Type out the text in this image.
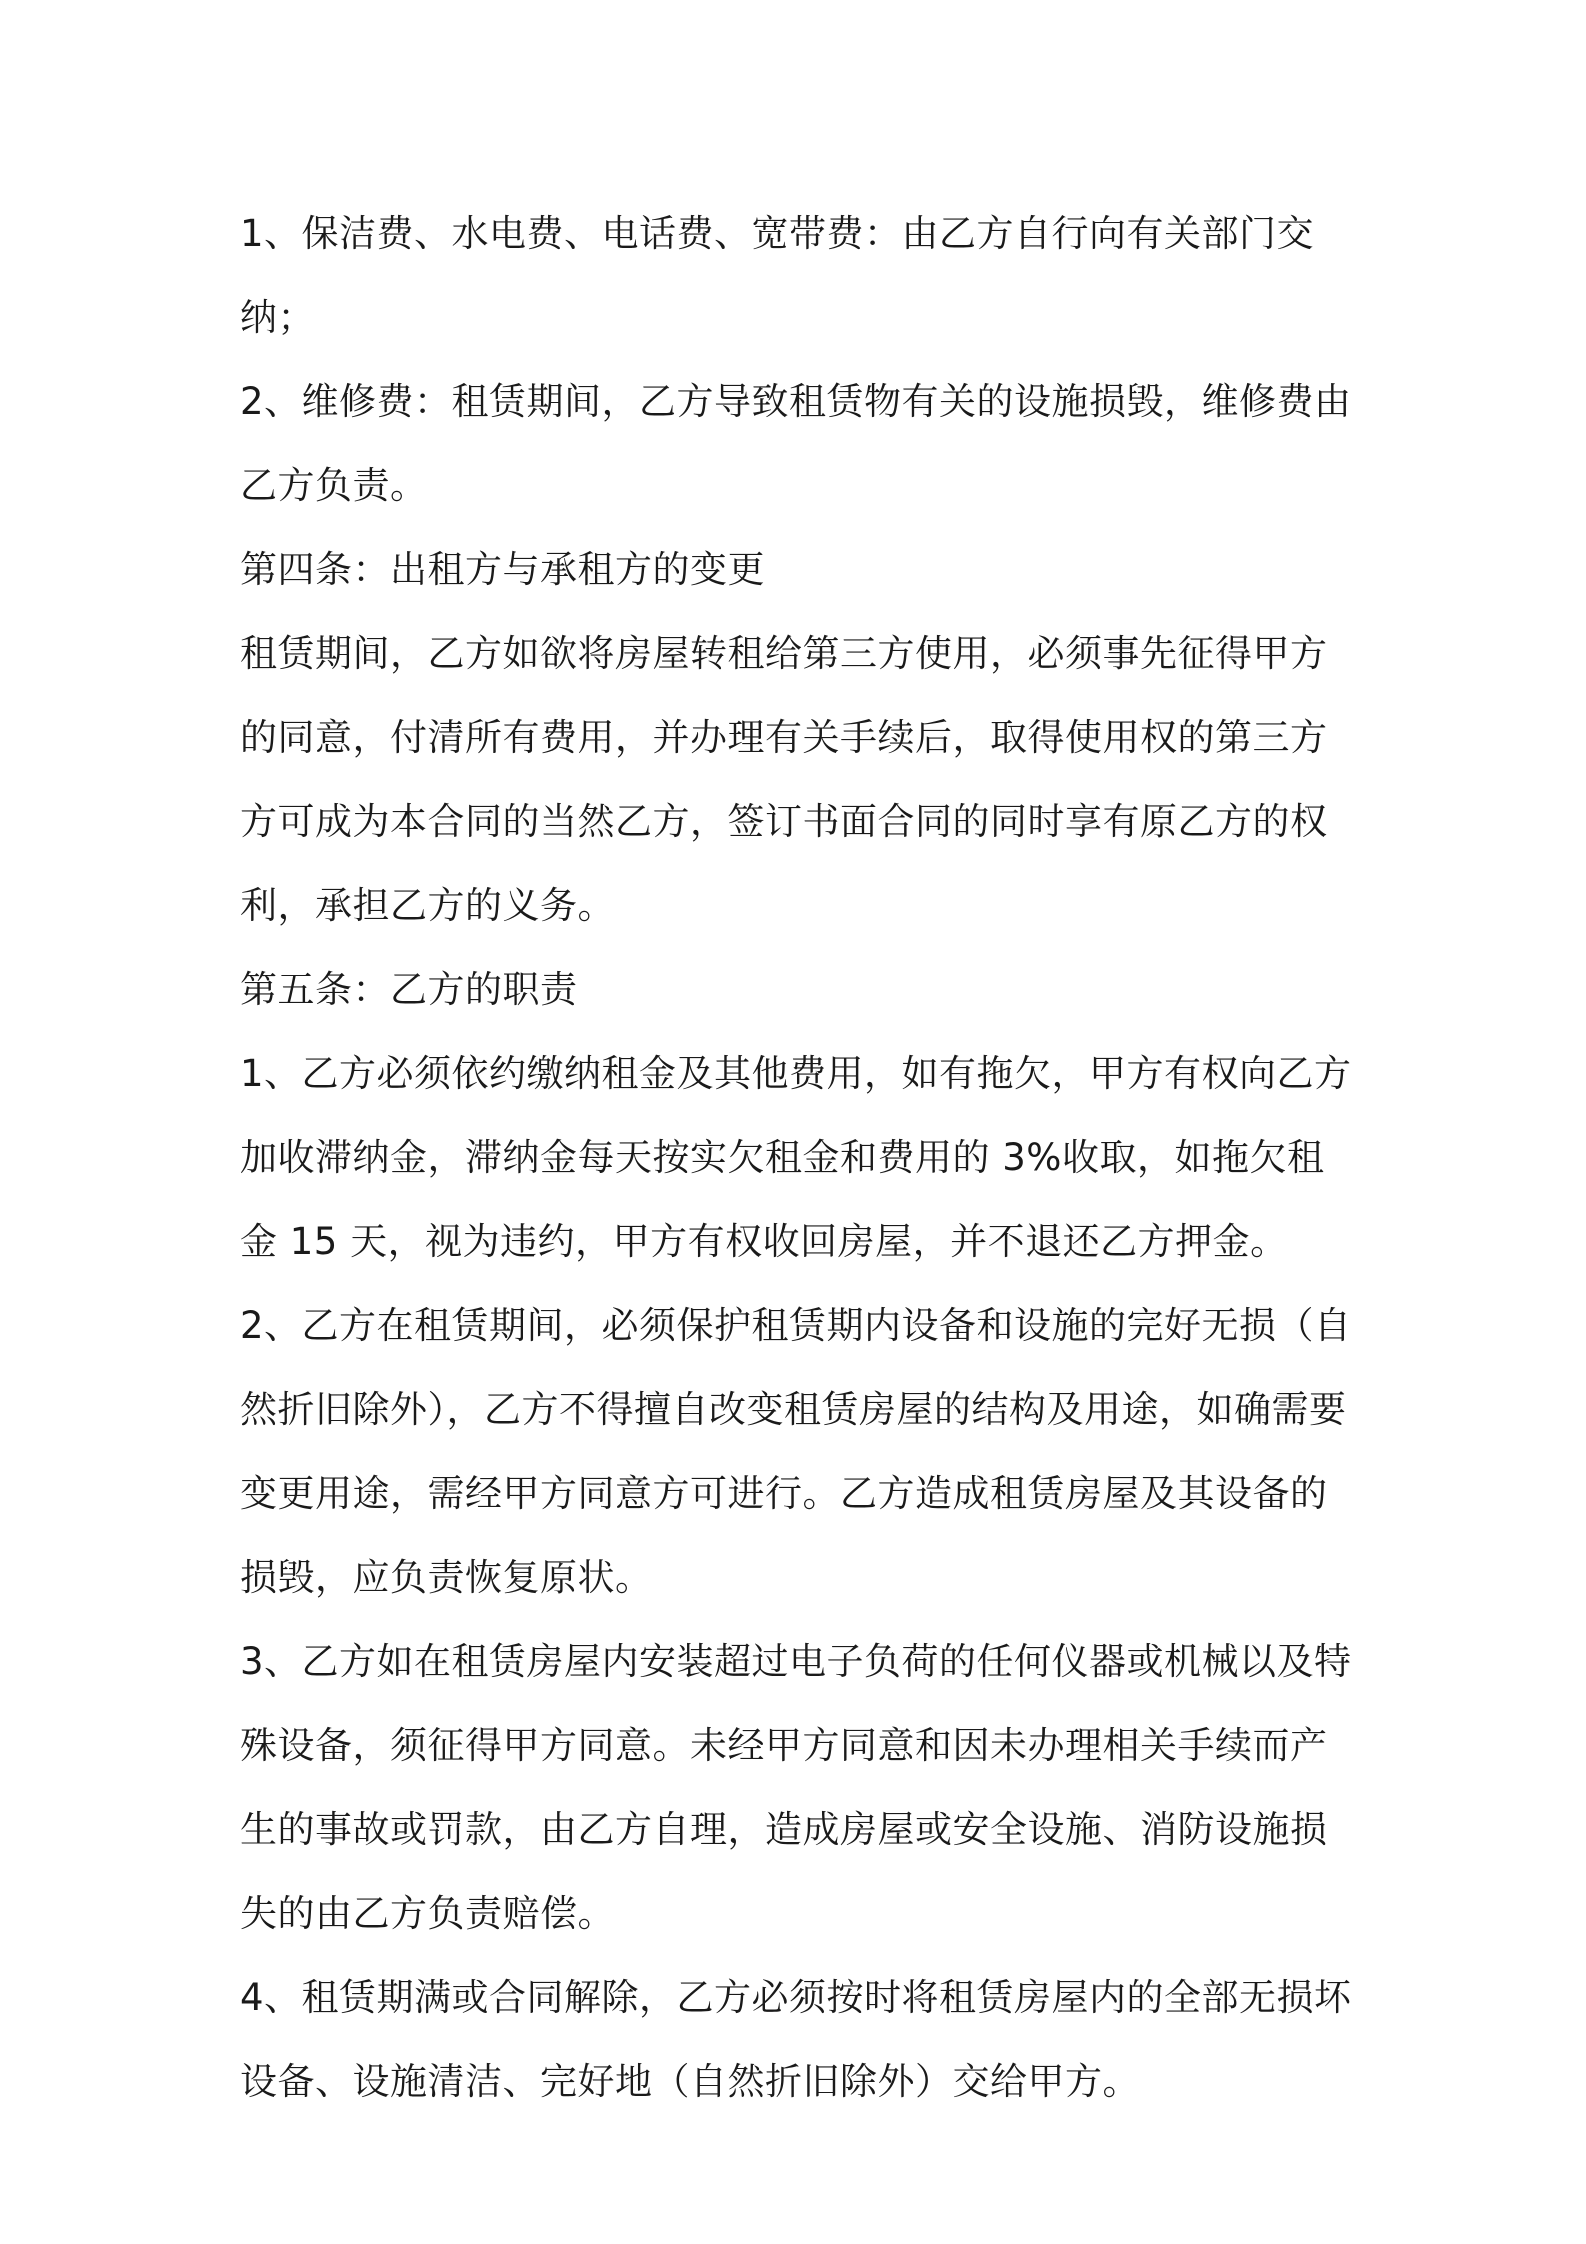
1、保洁费、水电费、电话费、宽带费：由乙方自行向有关部门交纳；

2、维修费：租赁期间，乙方导致租赁物有关的设施损毁，维修费由乙方负责。

第四条：出租方与承租方的变更

租赁期间，乙方如欲将房屋转租给第三方使用，必须事先征得甲方的同意，付清所有费用，并办理有关手续后，取得使用权的第三方方可成为本合同的当然乙方，签订书面合同的同时享有原乙方的权利，承担乙方的义务。

第五条：乙方的职责

1、乙方必须依约缴纳租金及其他费用，如有拖欠，甲方有权向乙方加收滞纳金，滞纳金每天按实欠租金和费用的 3%收取，如拖欠租金 15 天，视为违约，甲方有权收回房屋，并不退还乙方押金。

2、乙方在租赁期间，必须保护租赁期内设备和设施的完好无损（自然折旧除外），乙方不得擅自改变租赁房屋的结构及用途，如确需要变更用途，需经甲方同意方可进行。乙方造成租赁房屋及其设备的损毁，应负责恢复原状。

3、乙方如在租赁房屋内安装超过电子负荷的任何仪器或机械以及特殊设备，须征得甲方同意。未经甲方同意和因未办理相关手续而产生的事故或罚款，由乙方自理，造成房屋或安全设施、消防设施损失的由乙方负责赔偿。

4、租赁期满或合同解除，乙方必须按时将租赁房屋内的全部无损坏设备、设施清洁、完好地（自然折旧除外）交给甲方。
